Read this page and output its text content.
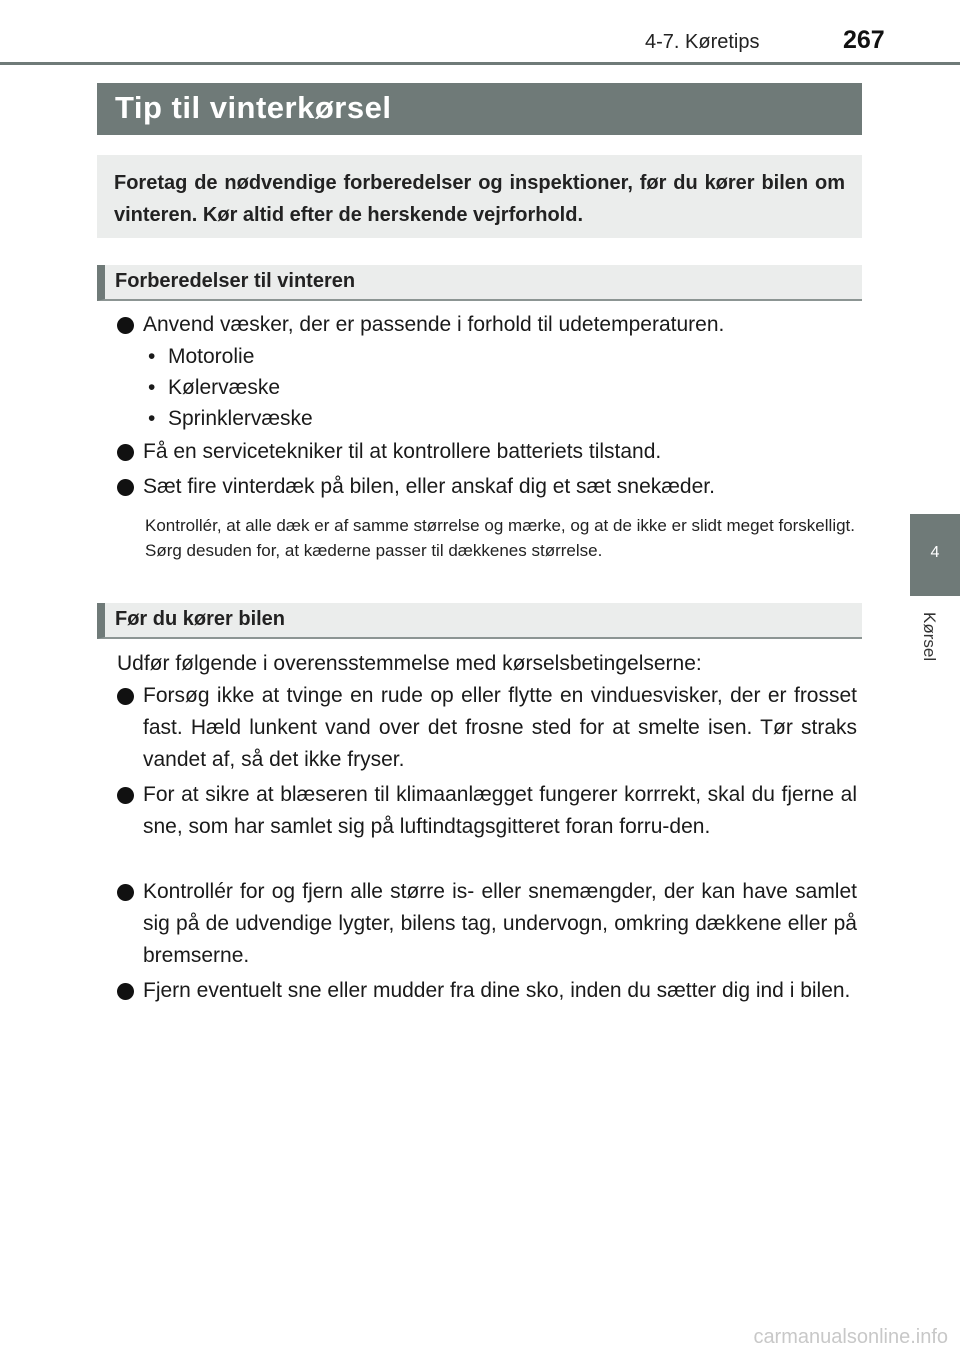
4-7. Køretips	267
4
Kørsel
Tip til vinterkørsel
Foretag de nødvendige forberedelser og inspektioner, før du kører bilen om vinteren. Kør altid efter de herskende vejrforhold.
Forberedelser til vinteren
Anvend væsker, der er passende i forhold til udetemperaturen.
• Motorolie
• Kølervæske
• Sprinklervæske
Få en servicetekniker til at kontrollere batteriets tilstand.
Sæt fire vinterdæk på bilen, eller anskaf dig et sæt snekæder.
Kontrollér, at alle dæk er af samme størrelse og mærke, og at de ikke er slidt meget forskelligt. Sørg desuden for, at kæderne passer til dækkenes størrelse.
Før du kører bilen
Udfør følgende i overensstemmelse med kørselsbetingelserne:
Forsøg ikke at tvinge en rude op eller flytte en vinduesvisker, der er frosset fast. Hæld lunkent vand over det frosne sted for at smelte isen. Tør straks vandet af, så det ikke fryser.
For at sikre at blæseren til klimaanlægget fungerer korrrekt, skal du fjerne al sne, som har samlet sig på luftindtagsgitteret foran forru-den.
Kontrollér for og fjern alle større is- eller snemængder, der kan have samlet sig på de udvendige lygter, bilens tag, undervogn, omkring dækkene eller på bremserne.
Fjern eventuelt sne eller mudder fra dine sko, inden du sætter dig ind i bilen.
carmanualsonline.info
